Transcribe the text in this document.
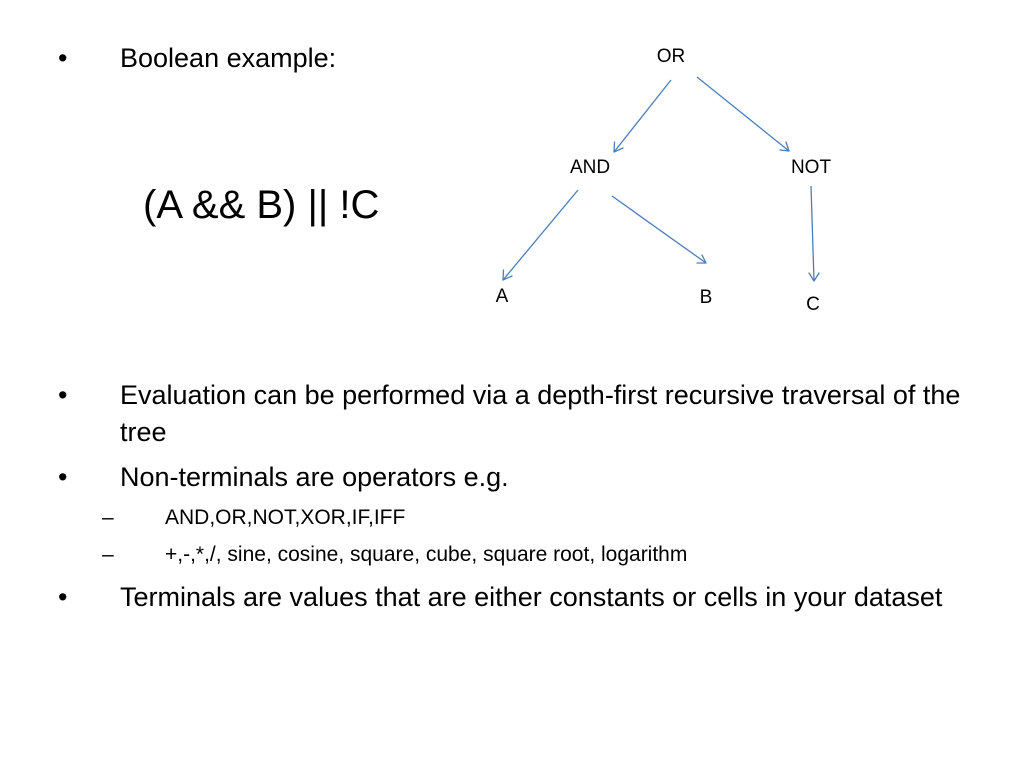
•	Boolean example:
(A && B) || !C
•	Evaluation can be performed via a depth-first recursive traversal of the tree
•	Non-terminals are operators e.g.
– AND,OR,NOT,XOR,IF,IFF
– +,-,*,/, sine, cosine, square, cube, square root, logarithm
•	Terminals are values that are either constants or cells in your dataset
OR
AND	NOT
A	B	C
